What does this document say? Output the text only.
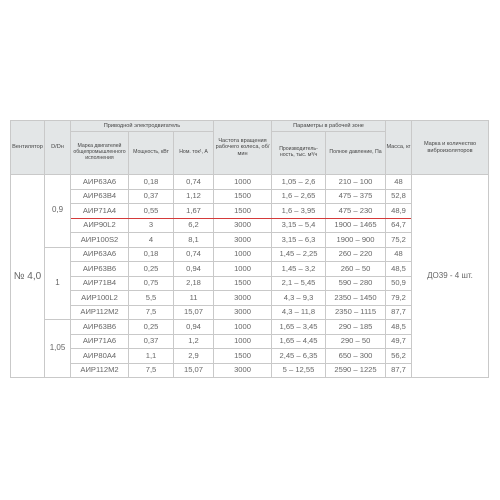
Вентилятор	D/Dн	Приводной электродвигатель			Частота вращения рабочего колеса, об/мин	Параметры в рабочей зоне		Масса, кг	Марка и количество виброизоляторов
		Марка двигателей общепромышленного исполнения	Мощность, кВт	Ном. ток¹, А		Производитель-ность, тыс. м³/ч	Полное давление, Па		
№ 4,0	0,9	АИР63А6	0,18	0,74	1000	1,05 – 2,6	210 – 100	48	ДО39 - 4 шт.
		АИР63В4	0,37	1,12	1500	1,6 – 2,65	475 – 375	52,8	
		АИР71А4	0,55	1,67	1500	1,6 – 3,95	475 – 230	48,9	
		АИР90L2	3	6,2	3000	3,15 – 5,4	1900 – 1465	64,7	
		АИР100S2	4	8,1	3000	3,15 – 6,3	1900 – 900	75,2	
	1	АИР63А6	0,18	0,74	1000	1,45 – 2,25	260 – 220	48	
		АИР63В6	0,25	0,94	1000	1,45 – 3,2	260 – 50	48,5	
		АИР71В4	0,75	2,18	1500	2,1 – 5,45	590 – 280	50,9	
		АИР100L2	5,5	11	3000	4,3 – 9,3	2350 – 1450	79,2	
		АИР112М2	7,5	15,07	3000	4,3 – 11,8	2350 – 1115	87,7	
	1,05	АИР63В6	0,25	0,94	1000	1,65 – 3,45	290 – 185	48,5	
		АИР71А6	0,37	1,2	1000	1,65 – 4,45	290 – 50	49,7	
		АИР80А4	1,1	2,9	1500	2,45 – 6,35	650 – 300	56,2	
		АИР112М2	7,5	15,07	3000	5 – 12,55	2590 – 1225	87,7	
